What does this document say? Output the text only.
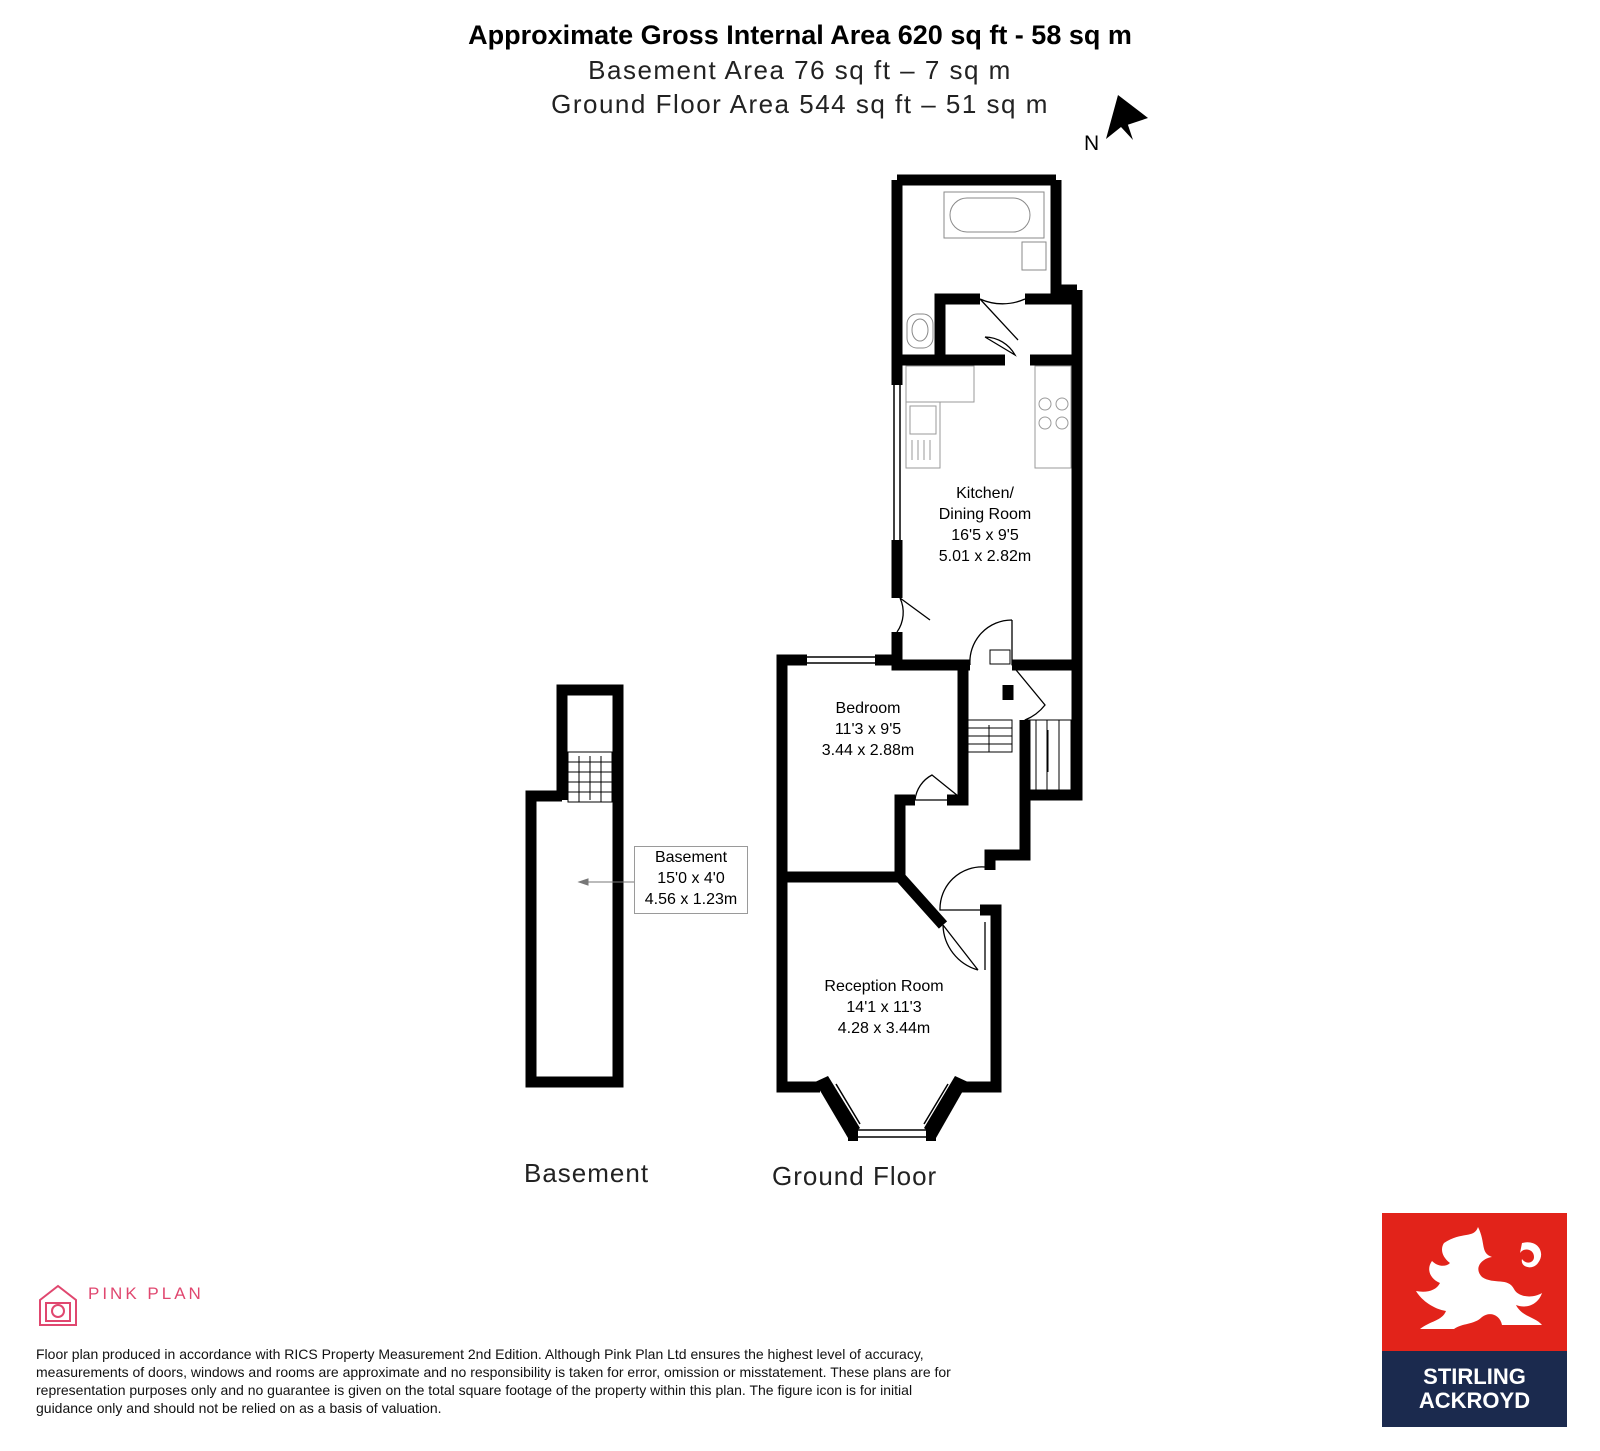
Approximate Gross Internal Area 620 sq ft - 58 sq m
Basement Area 76 sq ft – 7 sq m
Ground Floor Area 544 sq ft – 51 sq m
Kitchen/
Dining Room
16'5 x 9'5
5.01 x 2.82m
Bedroom
11'3 x 9'5
3.44 x 2.88m
Reception Room
14'1 x 11'3
4.28 x 3.44m
Basement
15'0 x 4'0
4.56 x 1.23m
Basement	Ground Floor
N
PINK PLAN
Floor plan produced in accordance with RICS Property Measurement 2nd Edition. Although Pink Plan Ltd ensures the highest level of accuracy, measurements of doors, windows and rooms are approximate and no responsibility is taken for error, omission or misstatement. These plans are for representation purposes only and no guarantee is given on the total square footage of the property within this plan. The figure icon is for initial guidance only and should not be relied on as a basis of valuation.
STIRLING
ACKROYD
